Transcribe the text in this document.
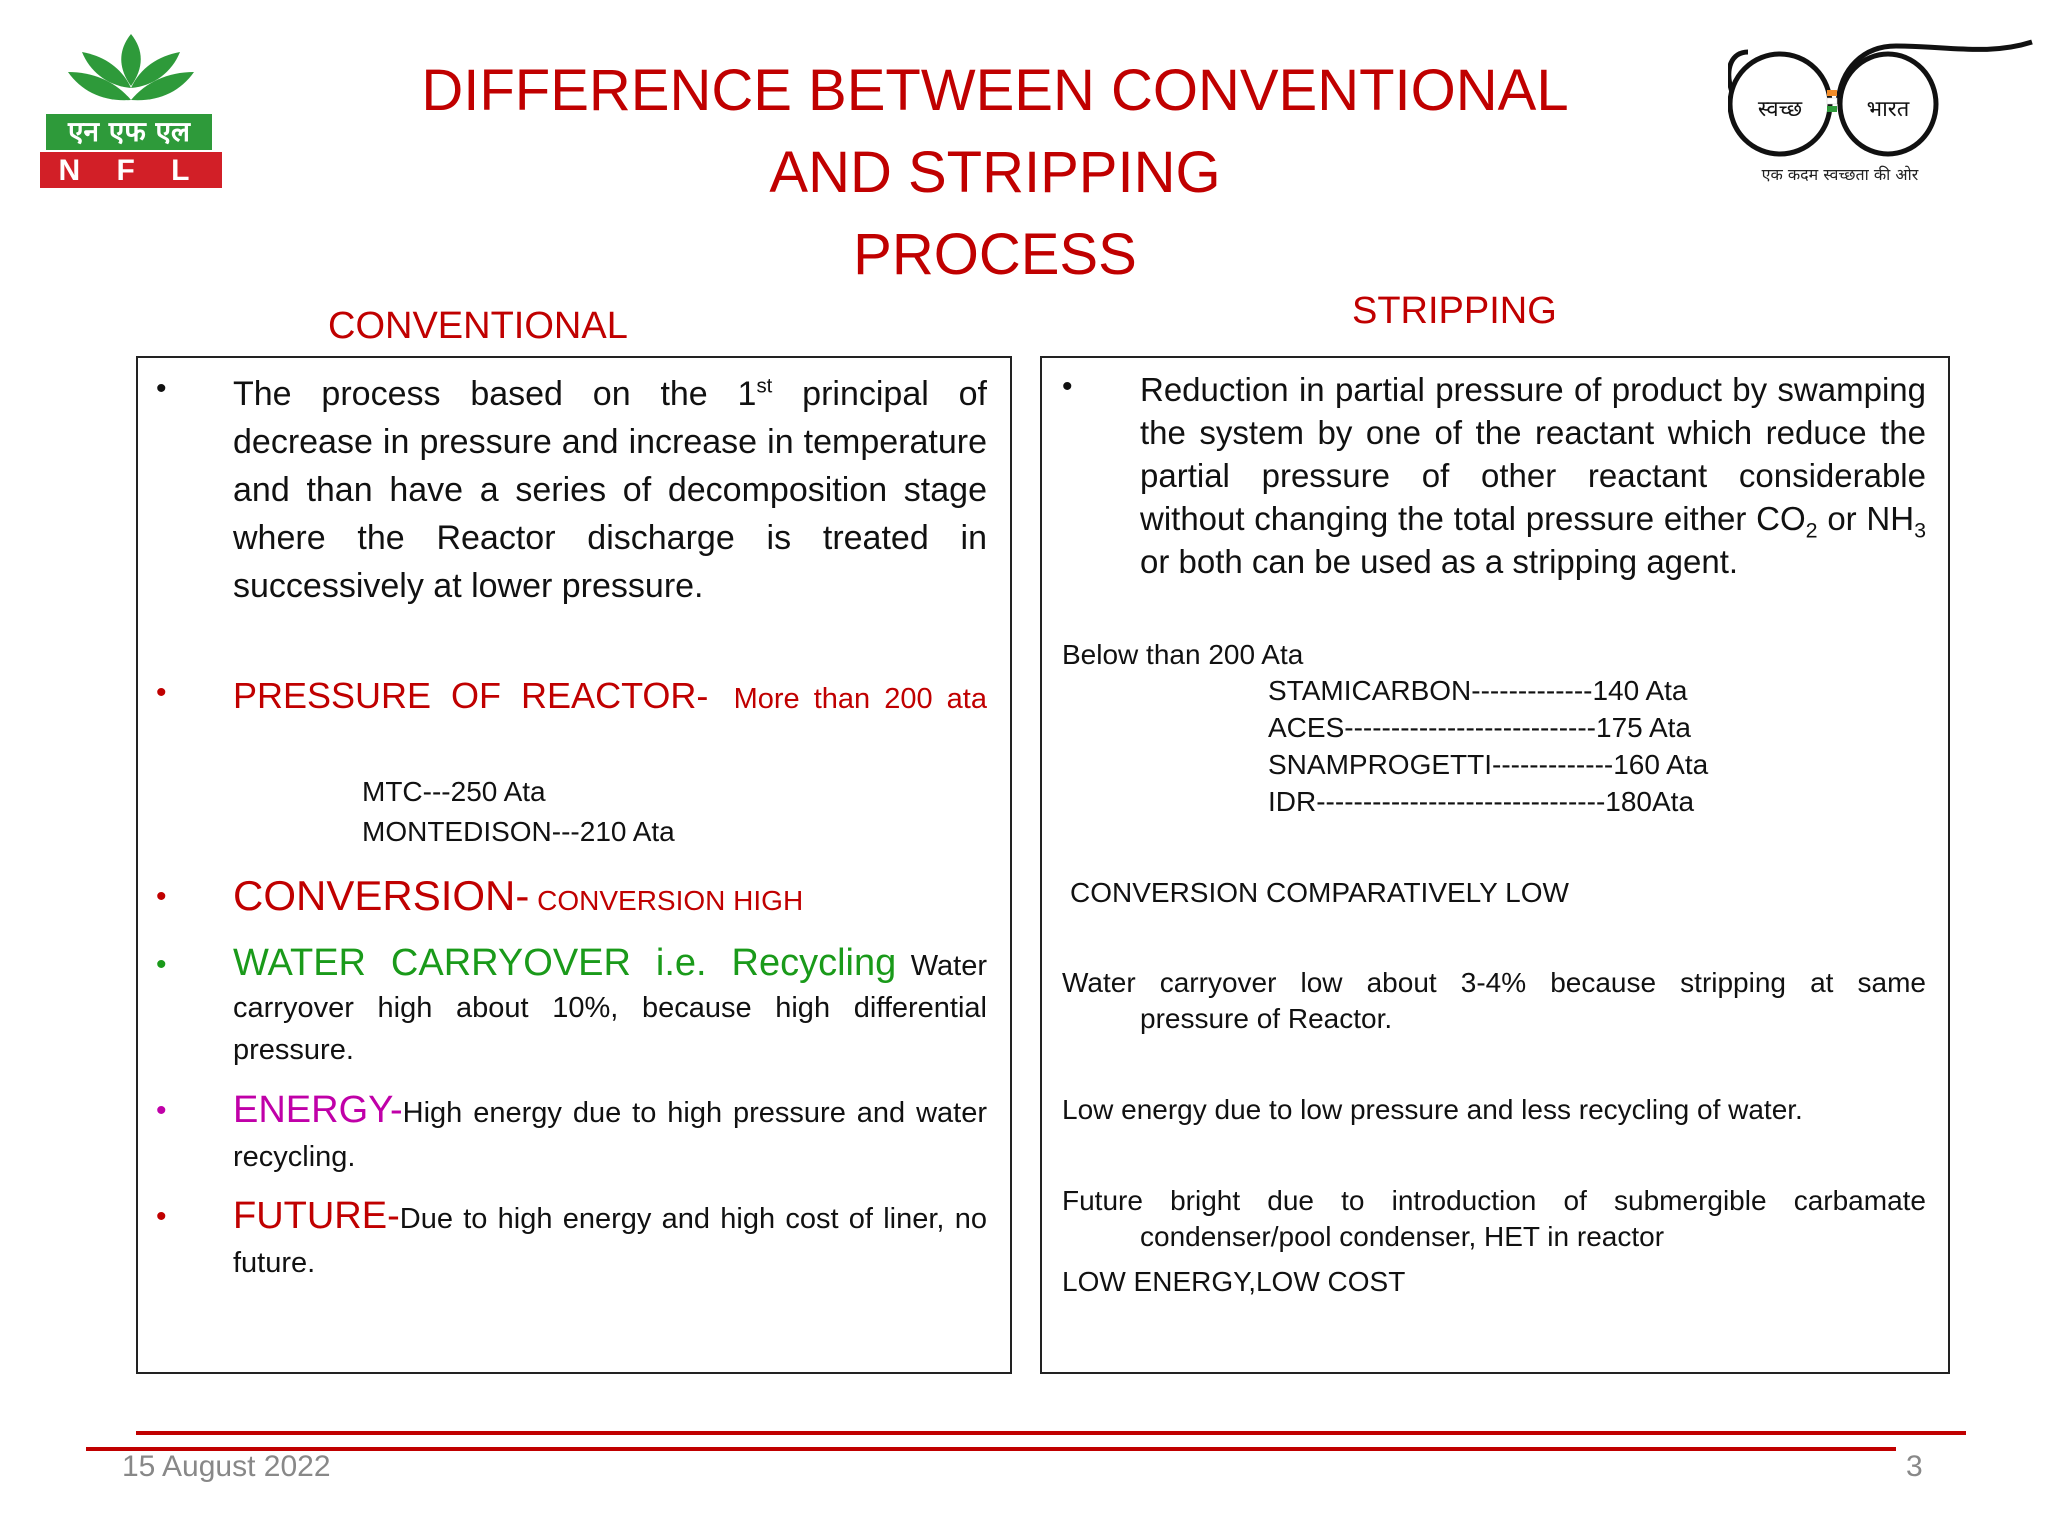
एन एफ एल
N F L
स्वच्छ	भारत
एक कदम स्वच्छता की ओर
DIFFERENCE BETWEEN CONVENTIONAL
AND STRIPPING
PROCESS
CONVENTIONAL	STRIPPING
• The process based on the 1st principal of decrease in pressure and increase in temperature and than have a series of decomposition stage where the Reactor discharge is treated in successively at lower pressure.
• PRESSURE OF REACTOR- More than 200 ata
MTC---250 Ata
MONTEDISON---210 Ata
• CONVERSION- CONVERSION HIGH
• WATER CARRYOVER i.e. Recycling Water carryover high about 10%, because high differential pressure.
• ENERGY-High energy due to high pressure and water recycling.
• FUTURE-Due to high energy and high cost of liner, no future.
• Reduction in partial pressure of product by swamping the system by one of the reactant which reduce the partial pressure of other reactant considerable without changing the total pressure either $CO_2$ or $NH_3$ or both can be used as a stripping agent.
Below than 200 Ata
STAMICARBON-------------140 Ata
ACES---------------------------175 Ata
SNAMPROGETTI-------------160 Ata
IDR-------------------------------180Ata
CONVERSION COMPARATIVELY LOW
Water carryover low about 3-4% because stripping at same
pressure of Reactor.
Low energy due to low pressure and less recycling of water.
Future bright due to introduction of submergible carbamate
condenser/pool condenser, HET in reactor
LOW ENERGY,LOW COST
15 August 2022	3
